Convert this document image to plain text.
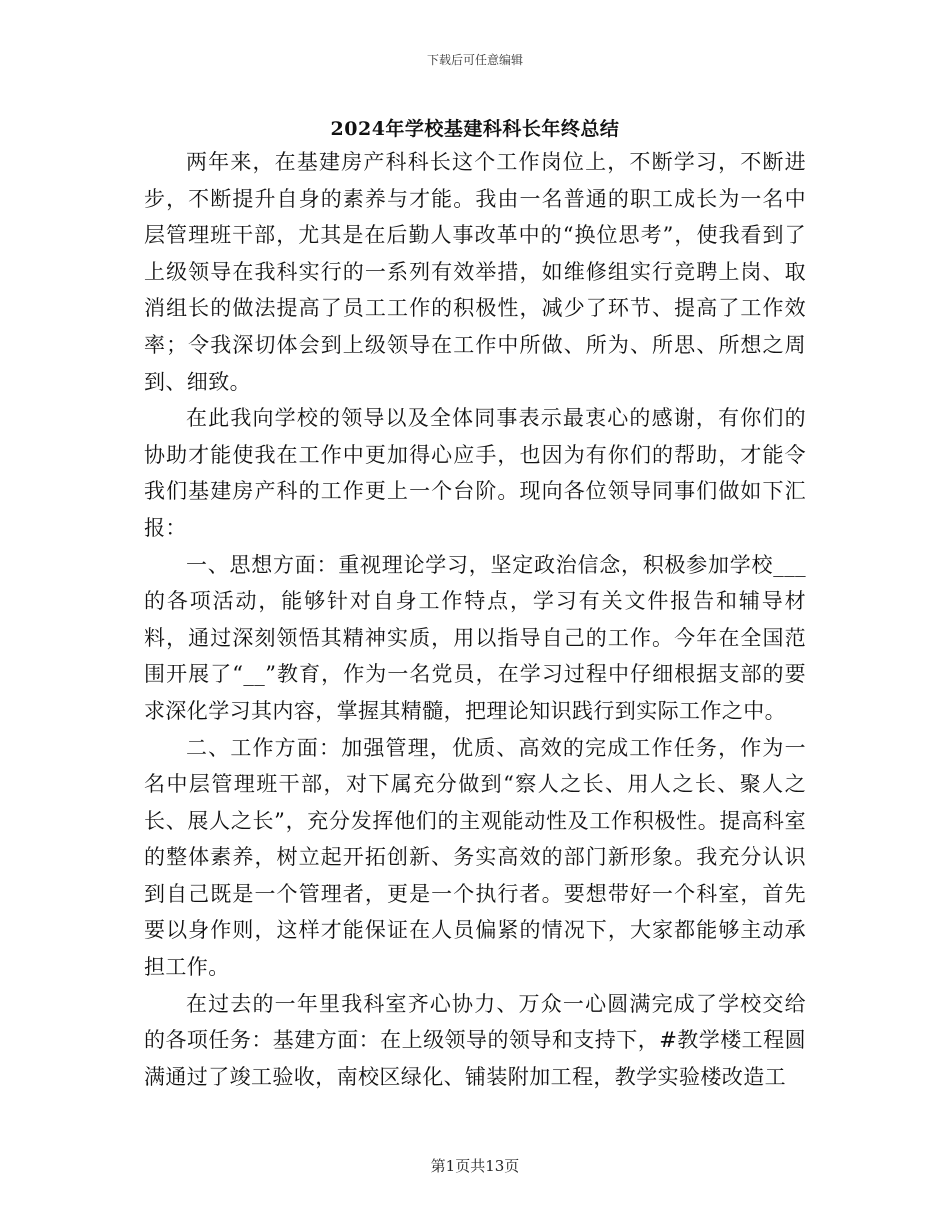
下载后可任意编辑
2024年学校基建科科长年终总结

两年来，在基建房产科科长这个工作岗位上，不断学习，不断进步，不断提升自身的素养与才能。我由一名普通的职工成长为一名中层管理班干部，尤其是在后勤人事改革中的“换位思考”，使我看到了上级领导在我科实行的一系列有效举措，如维修组实行竞聘上岗、取消组长的做法提高了员工工作的积极性，减少了环节、提高了工作效率；令我深切体会到上级领导在工作中所做、所为、所思、所想之周到、细致。

在此我向学校的领导以及全体同事表示最衷心的感谢，有你们的协助才能使我在工作中更加得心应手，也因为有你们的帮助，才能令我们基建房产科的工作更上一个台阶。现向各位领导同事们做如下汇报：

一、思想方面：重视理论学习，坚定政治信念，积极参加学校___的各项活动，能够针对自身工作特点，学习有关文件报告和辅导材料，通过深刻领悟其精神实质，用以指导自己的工作。今年在全国范围开展了“__”教育，作为一名党员，在学习过程中仔细根据支部的要求深化学习其内容，掌握其精髓，把理论知识践行到实际工作之中。

二、工作方面：加强管理，优质、高效的完成工作任务，作为一名中层管理班干部，对下属充分做到“察人之长、用人之长、聚人之长、展人之长”，充分发挥他们的主观能动性及工作积极性。提高科室的整体素养，树立起开拓创新、务实高效的部门新形象。我充分认识到自己既是一个管理者，更是一个执行者。要想带好一个科室，首先要以身作则，这样才能保证在人员偏紧的情况下，大家都能够主动承担工作。

在过去的一年里我科室齐心协力、万众一心圆满完成了学校交给的各项任务：基建方面：在上级领导的领导和支持下，#教学楼工程圆满通过了竣工验收，南校区绿化、铺装附加工程，教学实验楼改造工

第1页共13页
